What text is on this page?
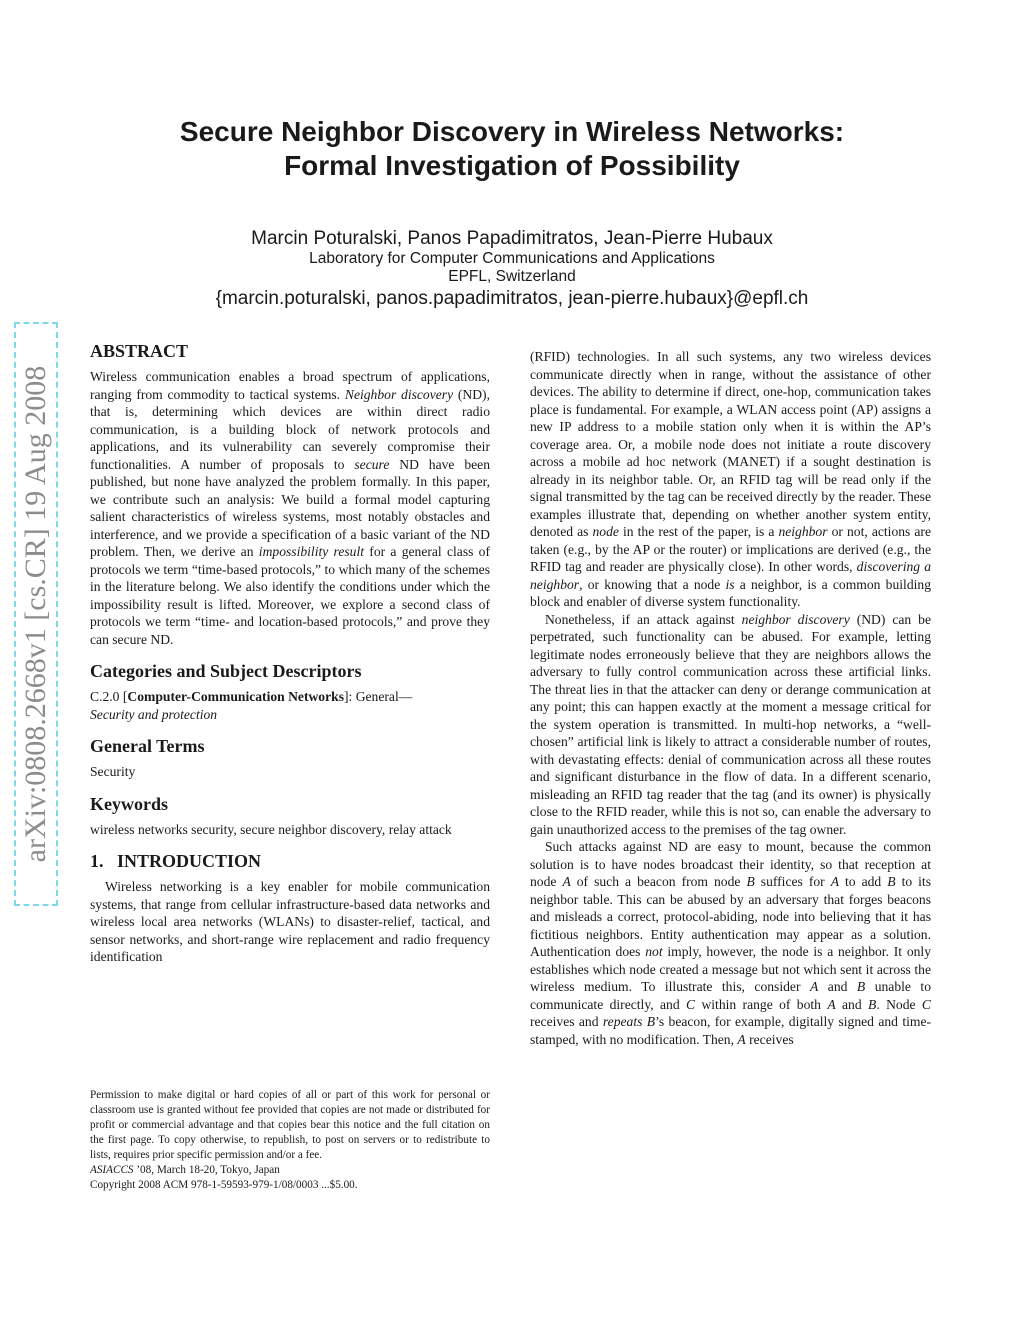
Secure Neighbor Discovery in Wireless Networks:
Formal Investigation of Possibility
Marcin Poturalski, Panos Papadimitratos, Jean-Pierre Hubaux
Laboratory for Computer Communications and Applications
EPFL, Switzerland
{marcin.poturalski, panos.papadimitratos, jean-pierre.hubaux}@epfl.ch
arXiv:0808.2668v1 [cs.CR] 19 Aug 2008
ABSTRACT

Wireless communication enables a broad spectrum of applications, ranging from commodity to tactical systems. Neighbor discovery (ND), that is, determining which devices are within direct radio communication, is a building block of network protocols and applications, and its vulnerability can severely compromise their functionalities. A number of proposals to secure ND have been published, but none have analyzed the problem formally. In this paper, we contribute such an analysis: We build a formal model capturing salient characteristics of wireless systems, most notably obstacles and interference, and we provide a specification of a basic variant of the ND problem. Then, we derive an impossibility result for a general class of protocols we term “time-based protocols,” to which many of the schemes in the literature belong. We also identify the conditions under which the impossibility result is lifted. Moreover, we explore a second class of protocols we term “time- and location-based protocols,” and prove they can secure ND.

Categories and Subject Descriptors

C.2.0 [Computer-Communication Networks]: General—
Security and protection

General Terms

Security

Keywords

wireless networks security, secure neighbor discovery, relay attack

1.   INTRODUCTION

Wireless networking is a key enabler for mobile communication systems, that range from cellular infrastructure-based data networks and wireless local area networks (WLANs) to disaster-relief, tactical, and sensor networks, and short-range wire replacement and radio frequency identification

Permission to make digital or hard copies of all or part of this work for personal or classroom use is granted without fee provided that copies are not made or distributed for profit or commercial advantage and that copies bear this notice and the full citation on the first page. To copy otherwise, to republish, to post on servers or to redistribute to lists, requires prior specific permission and/or a fee.

ASIACCS ’08, March 18-20, Tokyo, Japan

Copyright 2008 ACM 978-1-59593-979-1/08/0003 ...$5.00.

(RFID) technologies. In all such systems, any two wireless devices communicate directly when in range, without the assistance of other devices. The ability to determine if direct, one-hop, communication takes place is fundamental. For example, a WLAN access point (AP) assigns a new IP address to a mobile station only when it is within the AP’s coverage area. Or, a mobile node does not initiate a route discovery across a mobile ad hoc network (MANET) if a sought destination is already in its neighbor table. Or, an RFID tag will be read only if the signal transmitted by the tag can be received directly by the reader. These examples illustrate that, depending on whether another system entity, denoted as node in the rest of the paper, is a neighbor or not, actions are taken (e.g., by the AP or the router) or implications are derived (e.g., the RFID tag and reader are physically close). In other words, discovering a neighbor, or knowing that a node is a neighbor, is a common building block and enabler of diverse system functionality.

Nonetheless, if an attack against neighbor discovery (ND) can be perpetrated, such functionality can be abused. For example, letting legitimate nodes erroneously believe that they are neighbors allows the adversary to fully control communication across these artificial links. The threat lies in that the attacker can deny or derange communication at any point; this can happen exactly at the moment a message critical for the system operation is transmitted. In multi-hop networks, a “well-chosen” artificial link is likely to attract a considerable number of routes, with devastating effects: denial of communication across all these routes and significant disturbance in the flow of data. In a different scenario, misleading an RFID tag reader that the tag (and its owner) is physically close to the RFID reader, while this is not so, can enable the adversary to gain unauthorized access to the premises of the tag owner.

Such attacks against ND are easy to mount, because the common solution is to have nodes broadcast their identity, so that reception at node A of such a beacon from node B suffices for A to add B to its neighbor table. This can be abused by an adversary that forges beacons and misleads a correct, protocol-abiding, node into believing that it has fictitious neighbors. Entity authentication may appear as a solution. Authentication does not imply, however, the node is a neighbor. It only establishes which node created a message but not which sent it across the wireless medium. To illustrate this, consider A and B unable to communicate directly, and C within range of both A and B. Node C receives and repeats B’s beacon, for example, digitally signed and time-stamped, with no modification. Then, A receives
